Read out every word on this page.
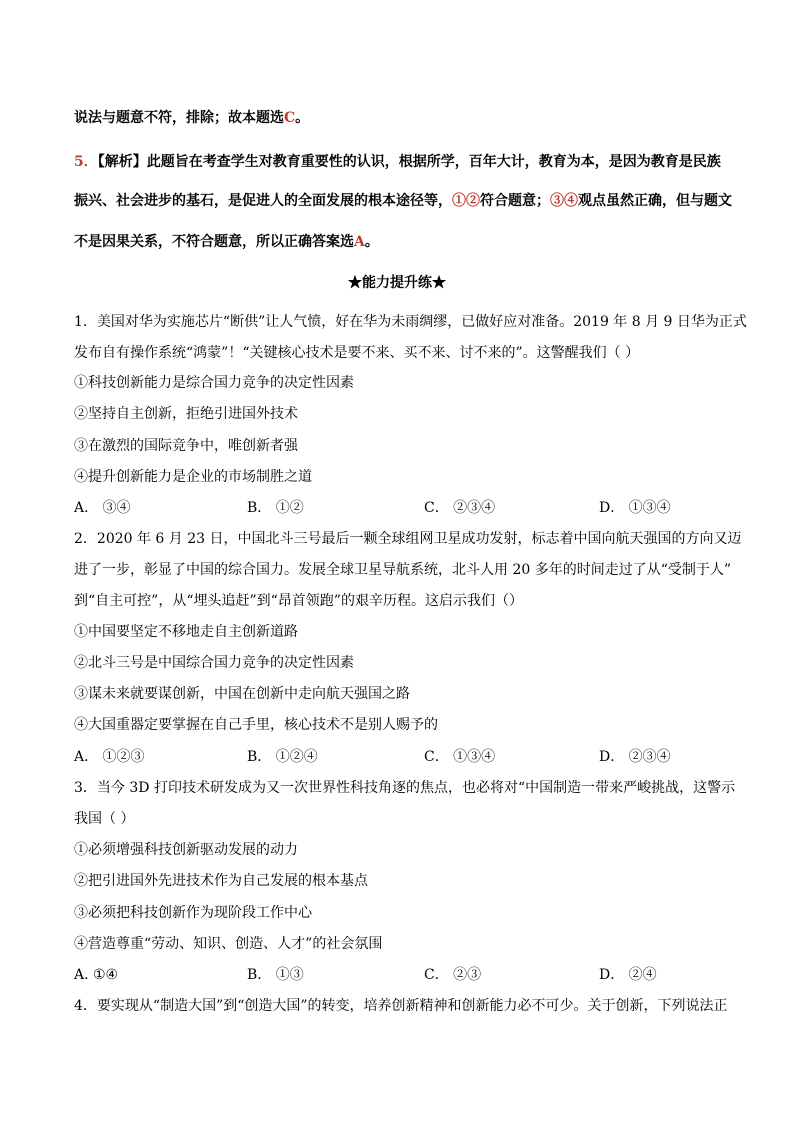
说法与题意不符，排除；故本题选C。
5．【解析】此题旨在考查学生对教育重要性的认识，根据所学，百年大计，教育为本，是因为教育是民族
振兴、社会进步的基石，是促进人的全面发展的根本途径等，①②符合题意；③④观点虽然正确，但与题文
不是因果关系，不符合题意，所以正确答案选A。
★能力提升练★
1．美国对华为实施芯片“断供”让人气愤，好在华为未雨绸缪，已做好应对准备。2019 年 8 月 9 日华为正式
发布自有操作系统“鸿蒙”！“关键核心技术是要不来、买不来、讨不来的”。这警醒我们（ ）
①科技创新能力是综合国力竞争的决定性因素
②坚持自主创新，拒绝引进国外技术
③在激烈的国际竞争中，唯创新者强
④提升创新能力是企业的市场制胜之道
A． ③④	B． ①②	C． ②③④	D． ①③④
2．2020 年 6 月 23 日，中国北斗三号最后一颗全球组网卫星成功发射，标志着中国向航天强国的方向又迈
进了一步，彰显了中国的综合国力。发展全球卫星导航系统，北斗人用 20 多年的时间走过了从“受制于人”
到“自主可控”，从“埋头追赶”到“昂首领跑”的艰辛历程。这启示我们（）
①中国要坚定不移地走自主创新道路
②北斗三号是中国综合国力竞争的决定性因素
③谋未来就要谋创新，中国在创新中走向航天强国之路
④大国重器定要掌握在自己手里，核心技术不是别人赐予的
A． ①②③	B． ①②④	C． ①③④	D． ②③④
3．当今 3D 打印技术研发成为又一次世界性科技角逐的焦点，也必将对“中国制造一带来严峻挑战，这警示
我国（ ）
①必须增强科技创新驱动发展的动力
②把引进国外先进技术作为自己发展的根本基点
③必须把科技创新作为现阶段工作中心
④营造尊重“劳动、知识、创造、人才”的社会氛围
A. ①④	B． ①③	C． ②③	D． ②④
4．要实现从“制造大国”到“创造大国”的转变，培养创新精神和创新能力必不可少。关于创新，下列说法正
